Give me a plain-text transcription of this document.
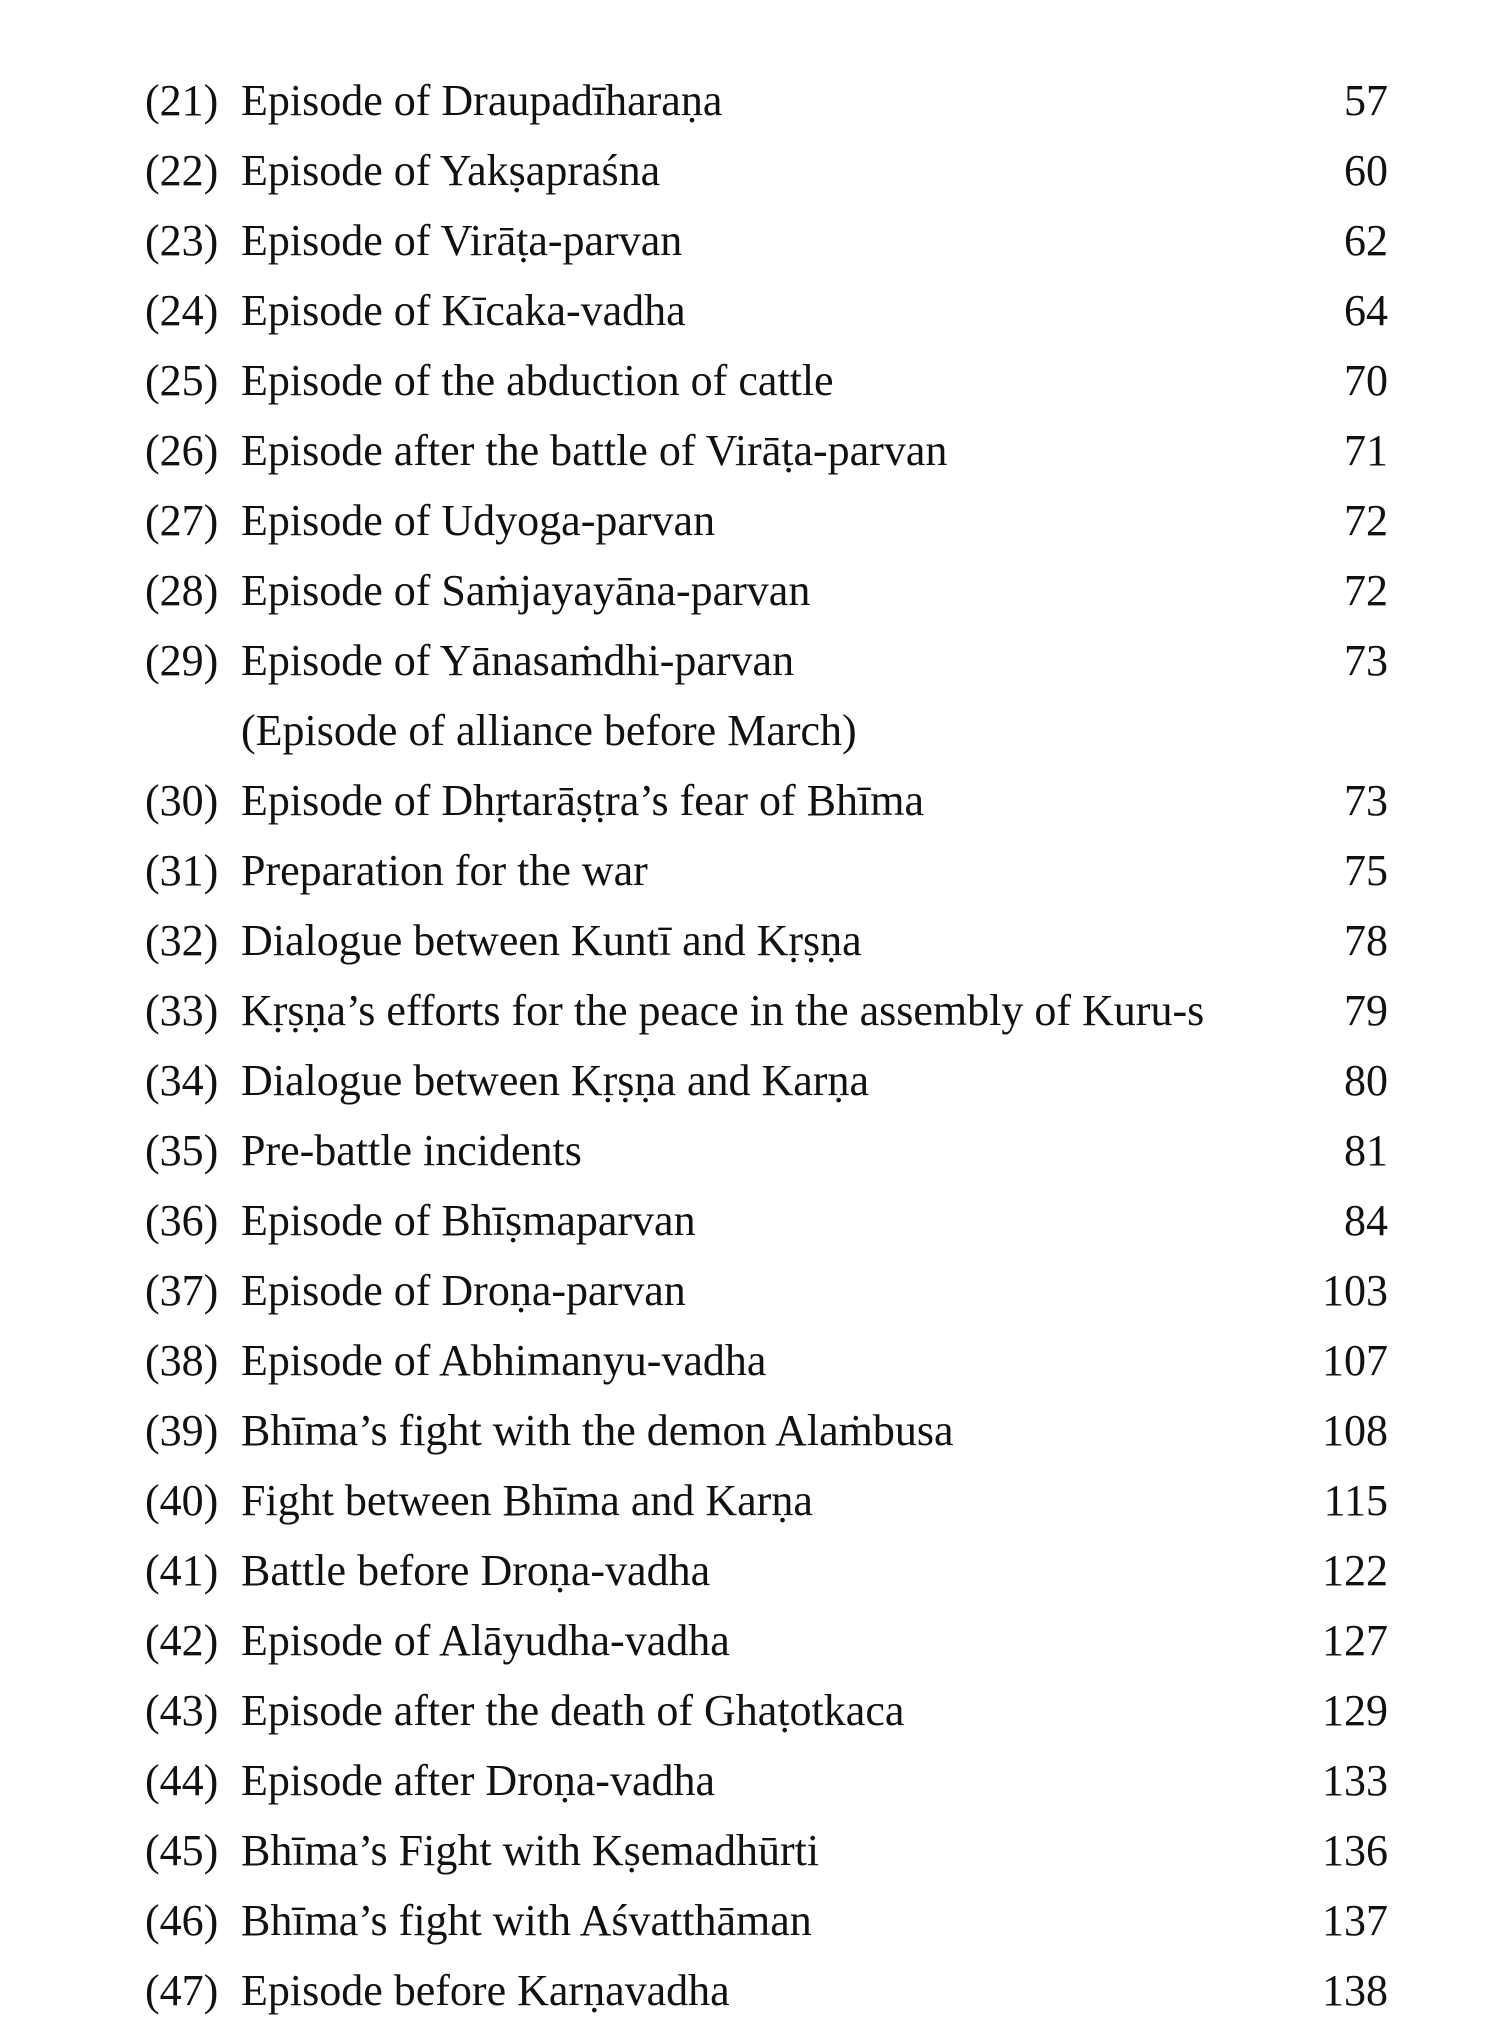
(21) Episode of Draupadīharaṇa	57
(22) Episode of Yakṣapraśna	60
(23) Episode of Virāṭa-parvan	62
(24) Episode of Kīcaka-vadha	64
(25) Episode of the abduction of cattle	70
(26) Episode after the battle of Virāṭa-parvan	71
(27) Episode of Udyoga-parvan	72
(28) Episode of Saṁjayayāna-parvan	72
(29) Episode of Yānasaṁdhi-parvan	73
(Episode of alliance before March)
(30) Episode of Dhṛtarāṣṭra’s fear of Bhīma	73
(31) Preparation for the war	75
(32) Dialogue between Kuntī and Kṛṣṇa	78
(33) Kṛṣṇa’s efforts for the peace in the assembly of Kuru-s	79
(34) Dialogue between Kṛṣṇa and Karṇa	80
(35) Pre-battle incidents	81
(36) Episode of Bhīṣmaparvan	84
(37) Episode of Droṇa-parvan	103
(38) Episode of Abhimanyu-vadha	107
(39) Bhīma’s fight with the demon Alaṁbusa	108
(40) Fight between Bhīma and Karṇa	115
(41) Battle before Droṇa-vadha	122
(42) Episode of Alāyudha-vadha	127
(43) Episode after the death of Ghaṭotkaca	129
(44) Episode after Droṇa-vadha	133
(45) Bhīma’s Fight with Kṣemadhūrti	136
(46) Bhīma’s fight with Aśvatthāman	137
(47) Episode before Karṇavadha	138
